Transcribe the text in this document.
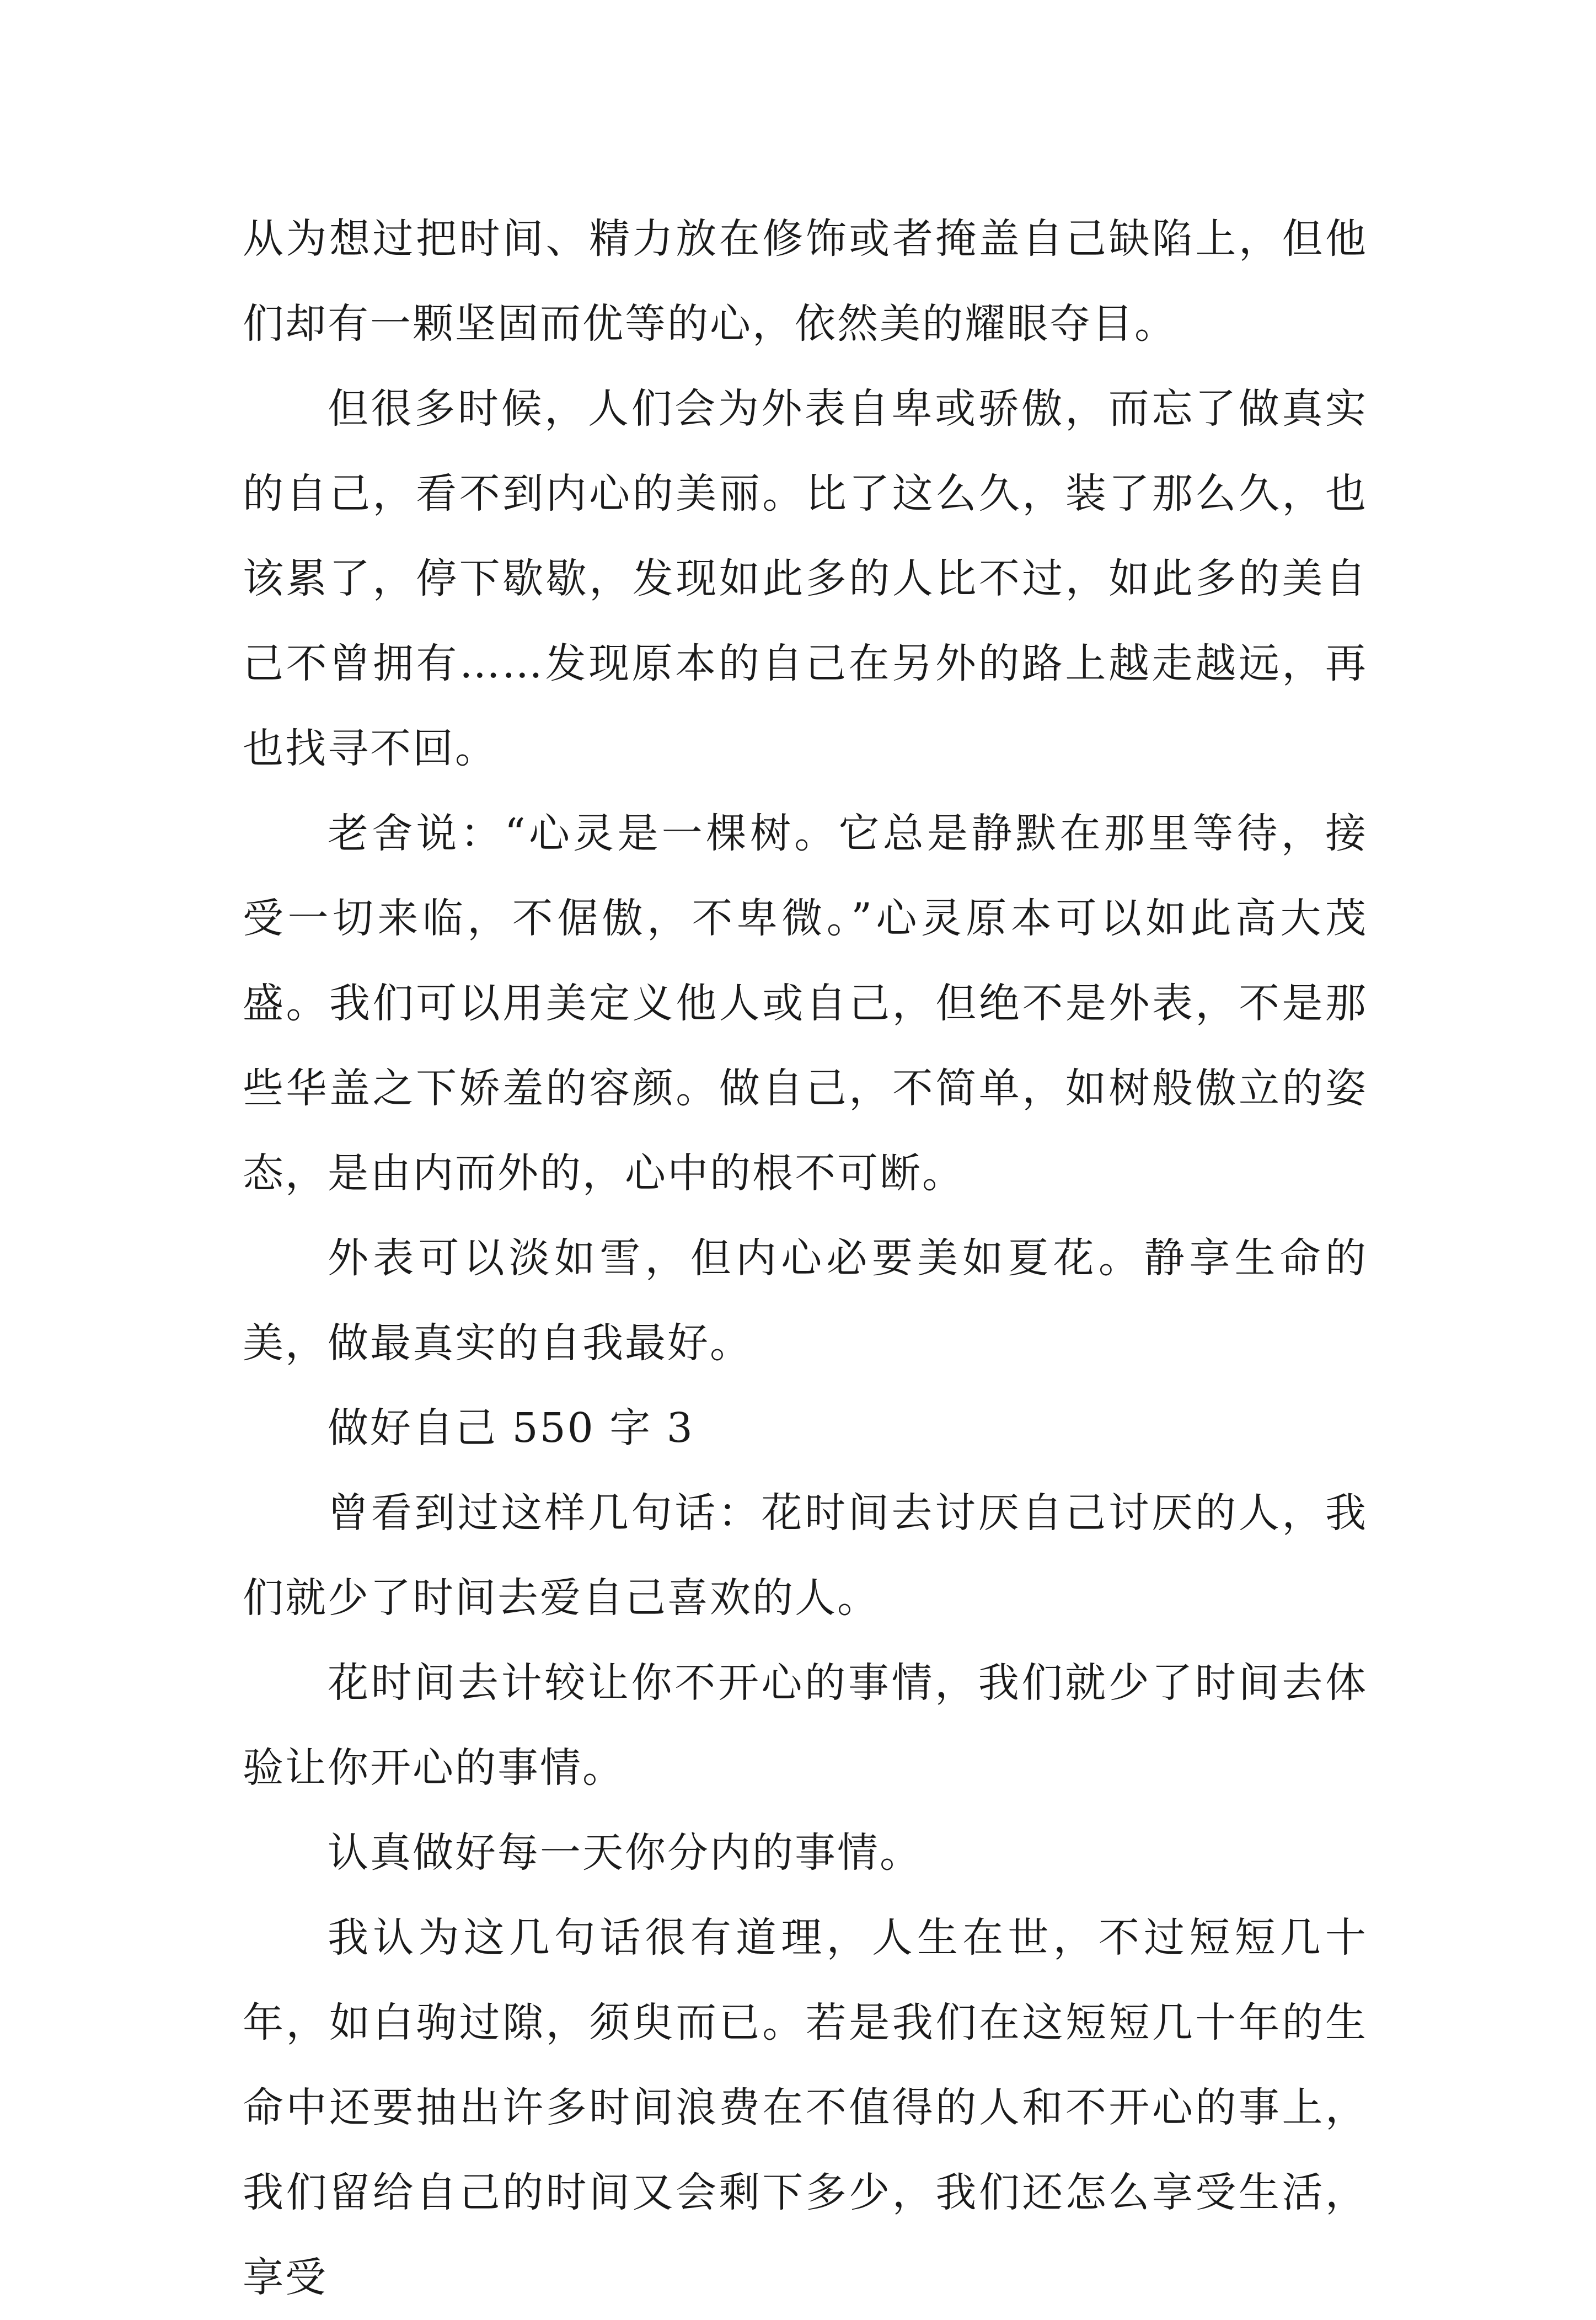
从为想过把时间、精力放在修饰或者掩盖自己缺陷上，但他们却有一颗坚固而优等的心，依然美的耀眼夺目。

但很多时候，人们会为外表自卑或骄傲，而忘了做真实的自己，看不到内心的美丽。比了这么久，装了那么久，也该累了，停下歇歇，发现如此多的人比不过，如此多的美自己不曾拥有……发现原本的自己在另外的路上越走越远，再也找寻不回。

老舍说：“心灵是一棵树。它总是静默在那里等待，接受一切来临，不倨傲，不卑微。”心灵原本可以如此高大茂盛。我们可以用美定义他人或自己，但绝不是外表，不是那些华盖之下娇羞的容颜。做自己，不简单，如树般傲立的姿态，是由内而外的，心中的根不可断。

外表可以淡如雪，但内心必要美如夏花。静享生命的美，做最真实的自我最好。

做好自己 550 字 3

曾看到过这样几句话：花时间去讨厌自己讨厌的人，我们就少了时间去爱自己喜欢的人。

花时间去计较让你不开心的事情，我们就少了时间去体验让你开心的事情。

认真做好每一天你分内的事情。

我认为这几句话很有道理，人生在世，不过短短几十年，如白驹过隙，须臾而已。若是我们在这短短几十年的生命中还要抽出许多时间浪费在不值得的人和不开心的事上，我们留给自己的时间又会剩下多少，我们还怎么享受生活，享受
